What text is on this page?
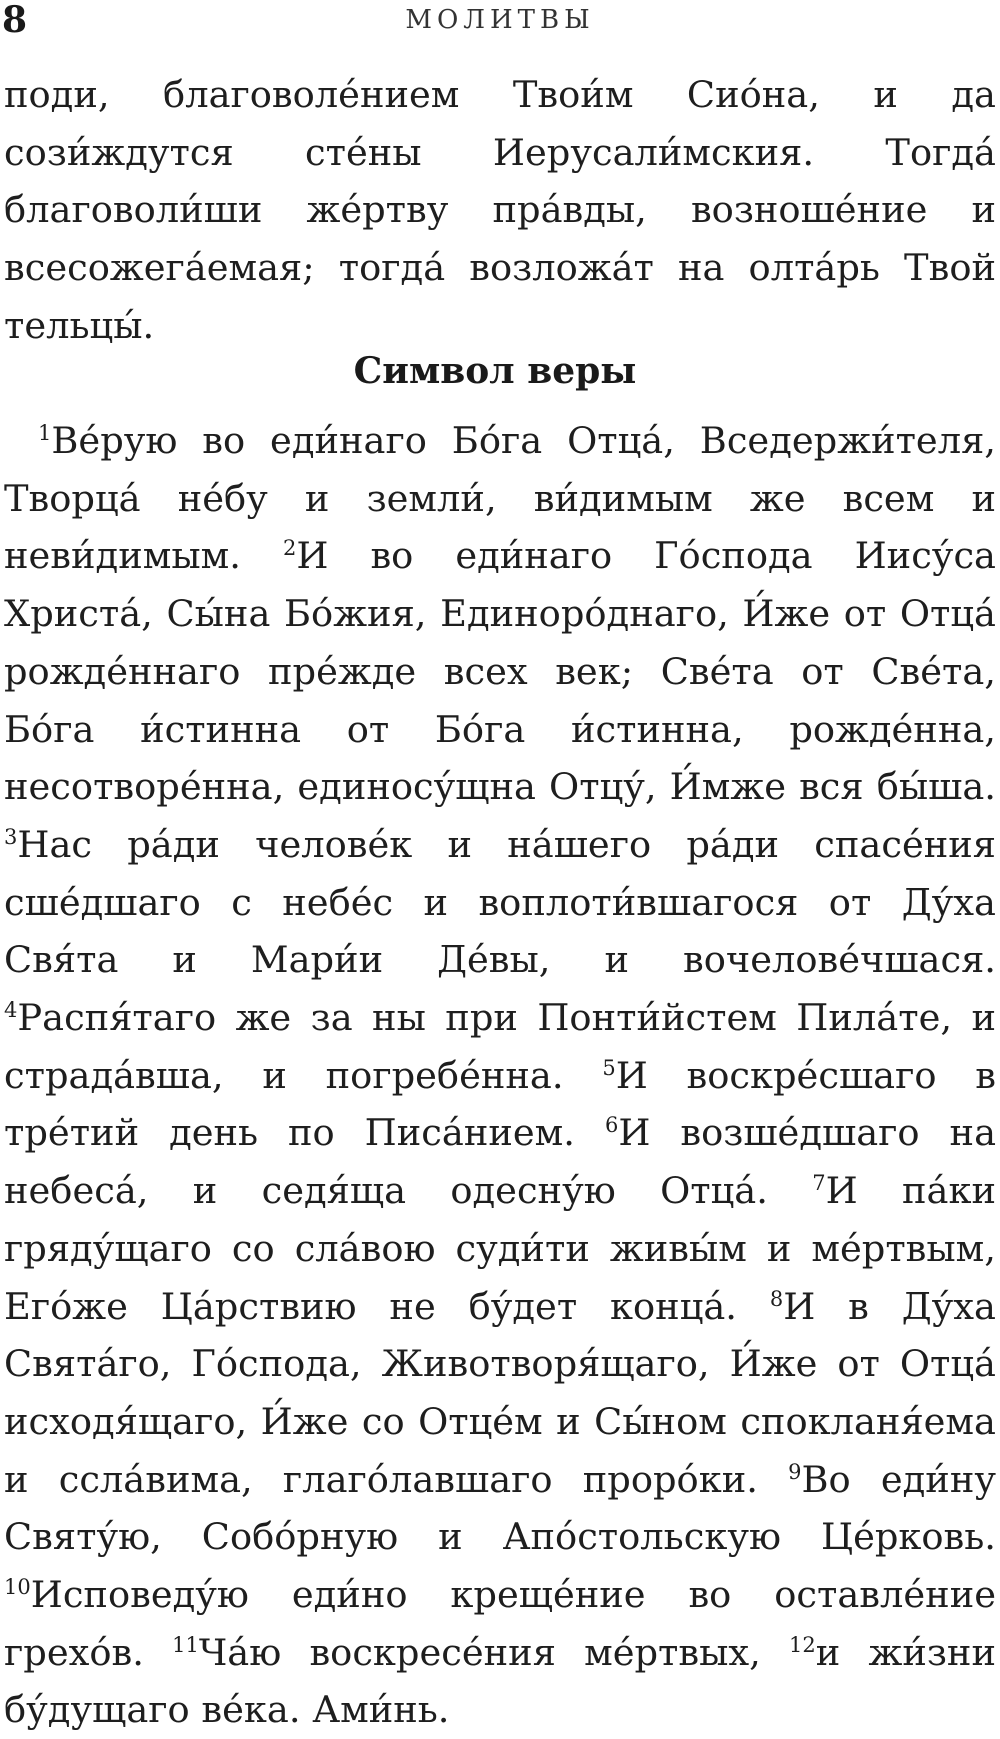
8	МОЛИТВЫ

поди, благоволе́нием Твои́м Сио́на, и да сози́ждутся сте́ны Иерусали́мския. Тогда́ благоволи́ши же́ртву пра́вды, возноше́ние и всесожега́емая; тогда́ возложа́т на олта́рь Твой тельцы́.

Символ веры

$^1$Ве́рую во еди́наго Бо́га Отца́, Вседержи́теля, Творца́ не́бу и земли́, ви́димым же всем и неви́димым. $^2$И во еди́наго Го́спода Иису́са Христа́, Сы́на Бо́жия, Единоро́днаго, И́же от Отца́ рожде́ннаго пре́жде всех век; Све́та от Све́та, Бо́га и́стинна от Бо́га и́стинна, рожде́нна, несотворе́нна, единосу́щна Отцу́, И́мже вся бы́ша. $^3$Нас ра́ди челове́к и на́шего ра́ди спасе́ния сше́дшаго с небе́с и воплоти́вшагося от Ду́ха Свя́та и Мари́и Де́вы, и вочелове́чшася. $^4$Распя́таго же за ны при Понти́йстем Пила́те, и страда́вша, и погребе́нна. $^5$И воскре́сшаго в тре́тий день по Писа́нием. $^6$И возше́дшаго на небеса́, и седя́ща одесну́ю Отца́. $^7$И па́ки гряду́щаго со сла́вою суди́ти живы́м и ме́ртвым, Его́же Ца́рствию не бу́дет конца́. $^8$И в Ду́ха Свята́го, Го́спода, Животворя́щаго, И́же от Отца́ исходя́щаго, И́же со Отце́м и Сы́ном спокланя́ема и ссла́вима, глаго́лавшаго проро́ки. $^9$Во еди́ну Святу́ю, Собо́рную и Апо́стольскую Це́рковь. $^{10}$Исповеду́ю еди́но креще́ние во оставле́ние грехо́в. $^{11}$Ча́ю воскресе́ния ме́ртвых, $^{12}$и жи́зни бу́дущаго ве́ка. Ами́нь.
